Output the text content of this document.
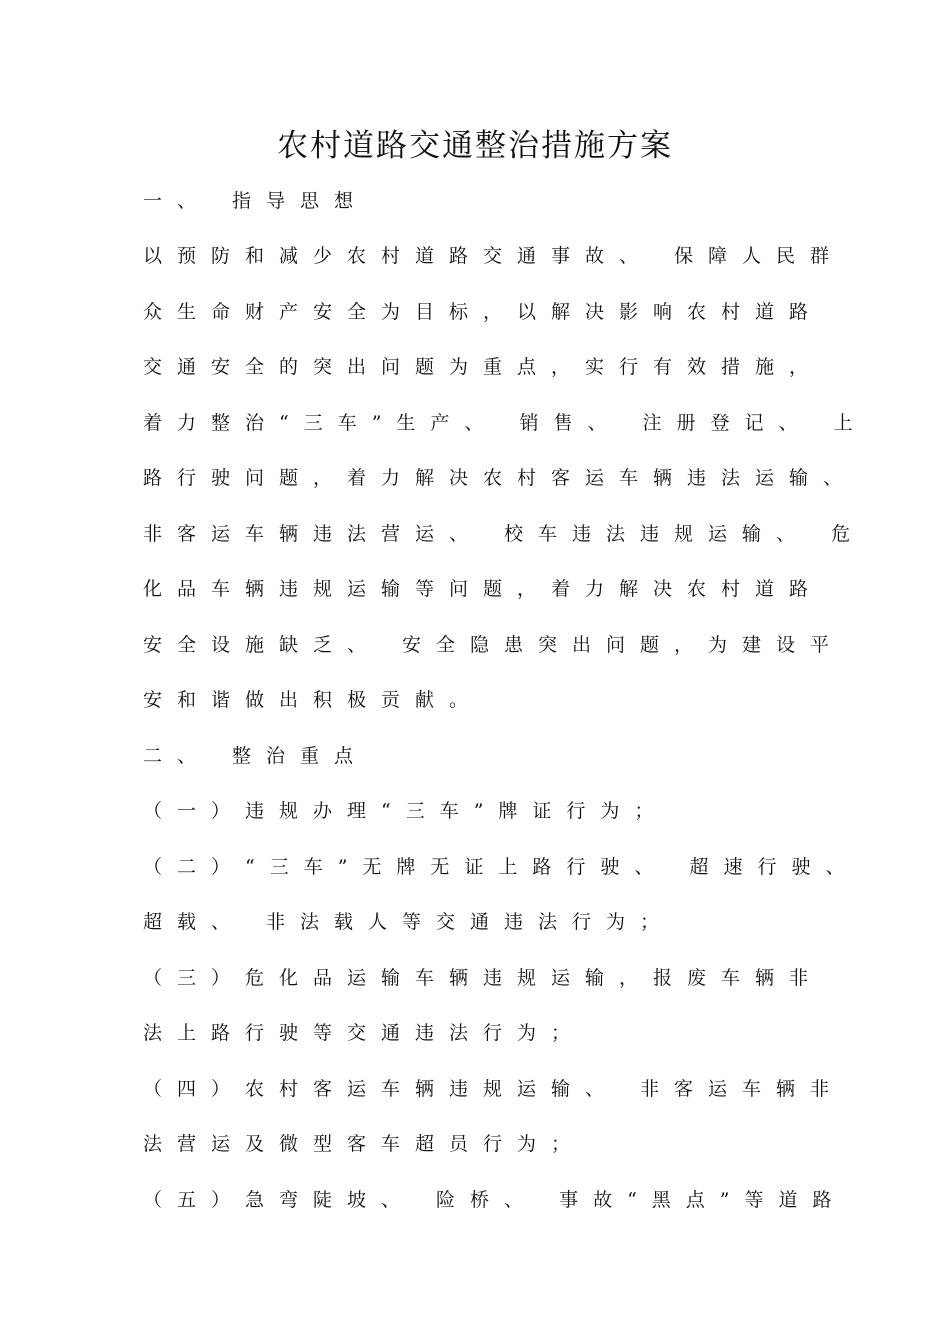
农村道路交通整治措施方案
一、 指导思想
以预防和减少农村道路交通事故、 保障人民群
众生命财产安全为目标，以解决影响农村道路
交通安全的突出问题为重点，实行有效措施，
着力整治“三车”生产、 销售、 注册登记、 上
路行驶问题，着力解决农村客运车辆违法运输、
非客运车辆违法营运、 校车违法违规运输、 危
化品车辆违规运输等问题，着力解决农村道路
安全设施缺乏、 安全隐患突出问题，为建设平
安和谐做出积极贡献。
二、 整治重点
（一）违规办理“三车”牌证行为；
（二）“三车”无牌无证上路行驶、 超速行驶、
超载、 非法载人等交通违法行为；
（三）危化品运输车辆违规运输，报废车辆非
法上路行驶等交通违法行为；
（四）农村客运车辆违规运输、 非客运车辆非
法营运及微型客车超员行为；
（五）急弯陡坡、 险桥、 事故“黑点”等道路
